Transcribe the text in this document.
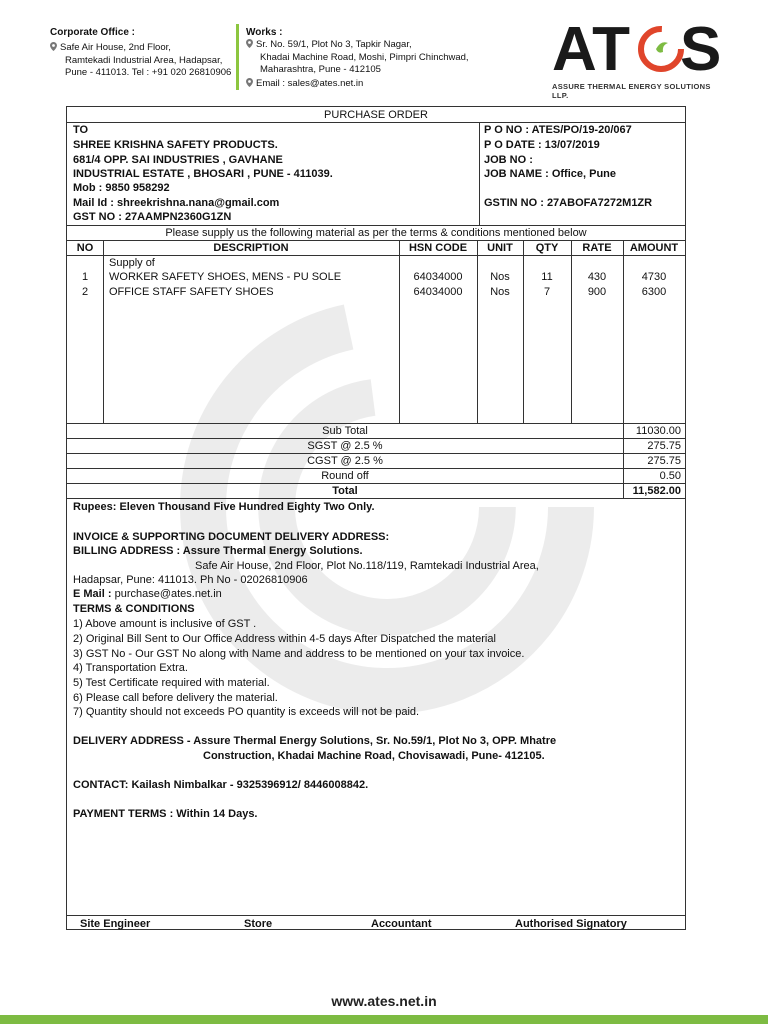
Corporate Office :
Safe Air House, 2nd Floor,
Ramtekadi Industrial Area, Hadapsar,
Pune - 411013. Tel : +91 020 26810906
Works :
Sr. No. 59/1, Plot No 3, Tapkir Nagar,
Khadai Machine Road, Moshi, Pimpri Chinchwad,
Maharashtra, Pune - 412105
Email : sales@ates.net.in	AT S
ASSURE THERMAL ENERGY SOLUTIONS LLP.
PURCHASE ORDER
TO
SHREE KRISHNA SAFETY PRODUCTS.
681/4 OPP. SAI INDUSTRIES , GAVHANE
INDUSTRIAL ESTATE , BHOSARI , PUNE - 411039.
Mob : 9850 958292
Mail Id : shreekrishna.nana@gmail.com
GST NO : 27AAMPN2360G1ZN
P O NO : ATES/PO/19-20/067
P O DATE : 13/07/2019
JOB NO :
JOB NAME : Office, Pune
GSTIN NO : 27ABOFA7272M1ZR
Please supply us the following material as per the terms & conditions mentioned below
NO	DESCRIPTION	HSN CODE	UNIT	QTY	RATE	AMOUNT
Supply of
1	WORKER SAFETY SHOES, MENS - PU SOLE	64034000	Nos	11	430	4730
2	OFFICE STAFF SAFETY SHOES	64034000	Nos	7	900	6300
Sub Total	11030.00
SGST @ 2.5 %	275.75
CGST @ 2.5 %	275.75
Round off	0.50
Total	11,582.00
Rupees: Eleven Thousand Five Hundred Eighty Two Only.
INVOICE & SUPPORTING DOCUMENT DELIVERY ADDRESS:
BILLING ADDRESS : Assure Thermal Energy Solutions.
Safe Air House, 2nd Floor, Plot No.118/119, Ramtekadi Industrial Area,
Hadapsar, Pune: 411013. Ph No - 02026810906
E Mail : purchase@ates.net.in
TERMS & CONDITIONS
1) Above amount is inclusive of GST .
2) Original Bill Sent to Our Office Address within 4-5 days After Dispatched the material
3) GST No - Our GST No along with Name and address to be mentioned on your tax invoice.
4) Transportation Extra.
5) Test Certificate required with material.
6) Please call before delivery the material.
7) Quantity should not exceeds PO quantity is exceeds will not be paid.
DELIVERY ADDRESS - Assure Thermal Energy Solutions, Sr. No.59/1, Plot No 3, OPP. Mhatre
Construction, Khadai Machine Road, Chovisawadi, Pune- 412105.
CONTACT: Kailash Nimbalkar - 9325396912/ 8446008842.
PAYMENT TERMS : Within 14 Days.
Site Engineer	Store	Accountant	Authorised Signatory
www.ates.net.in
